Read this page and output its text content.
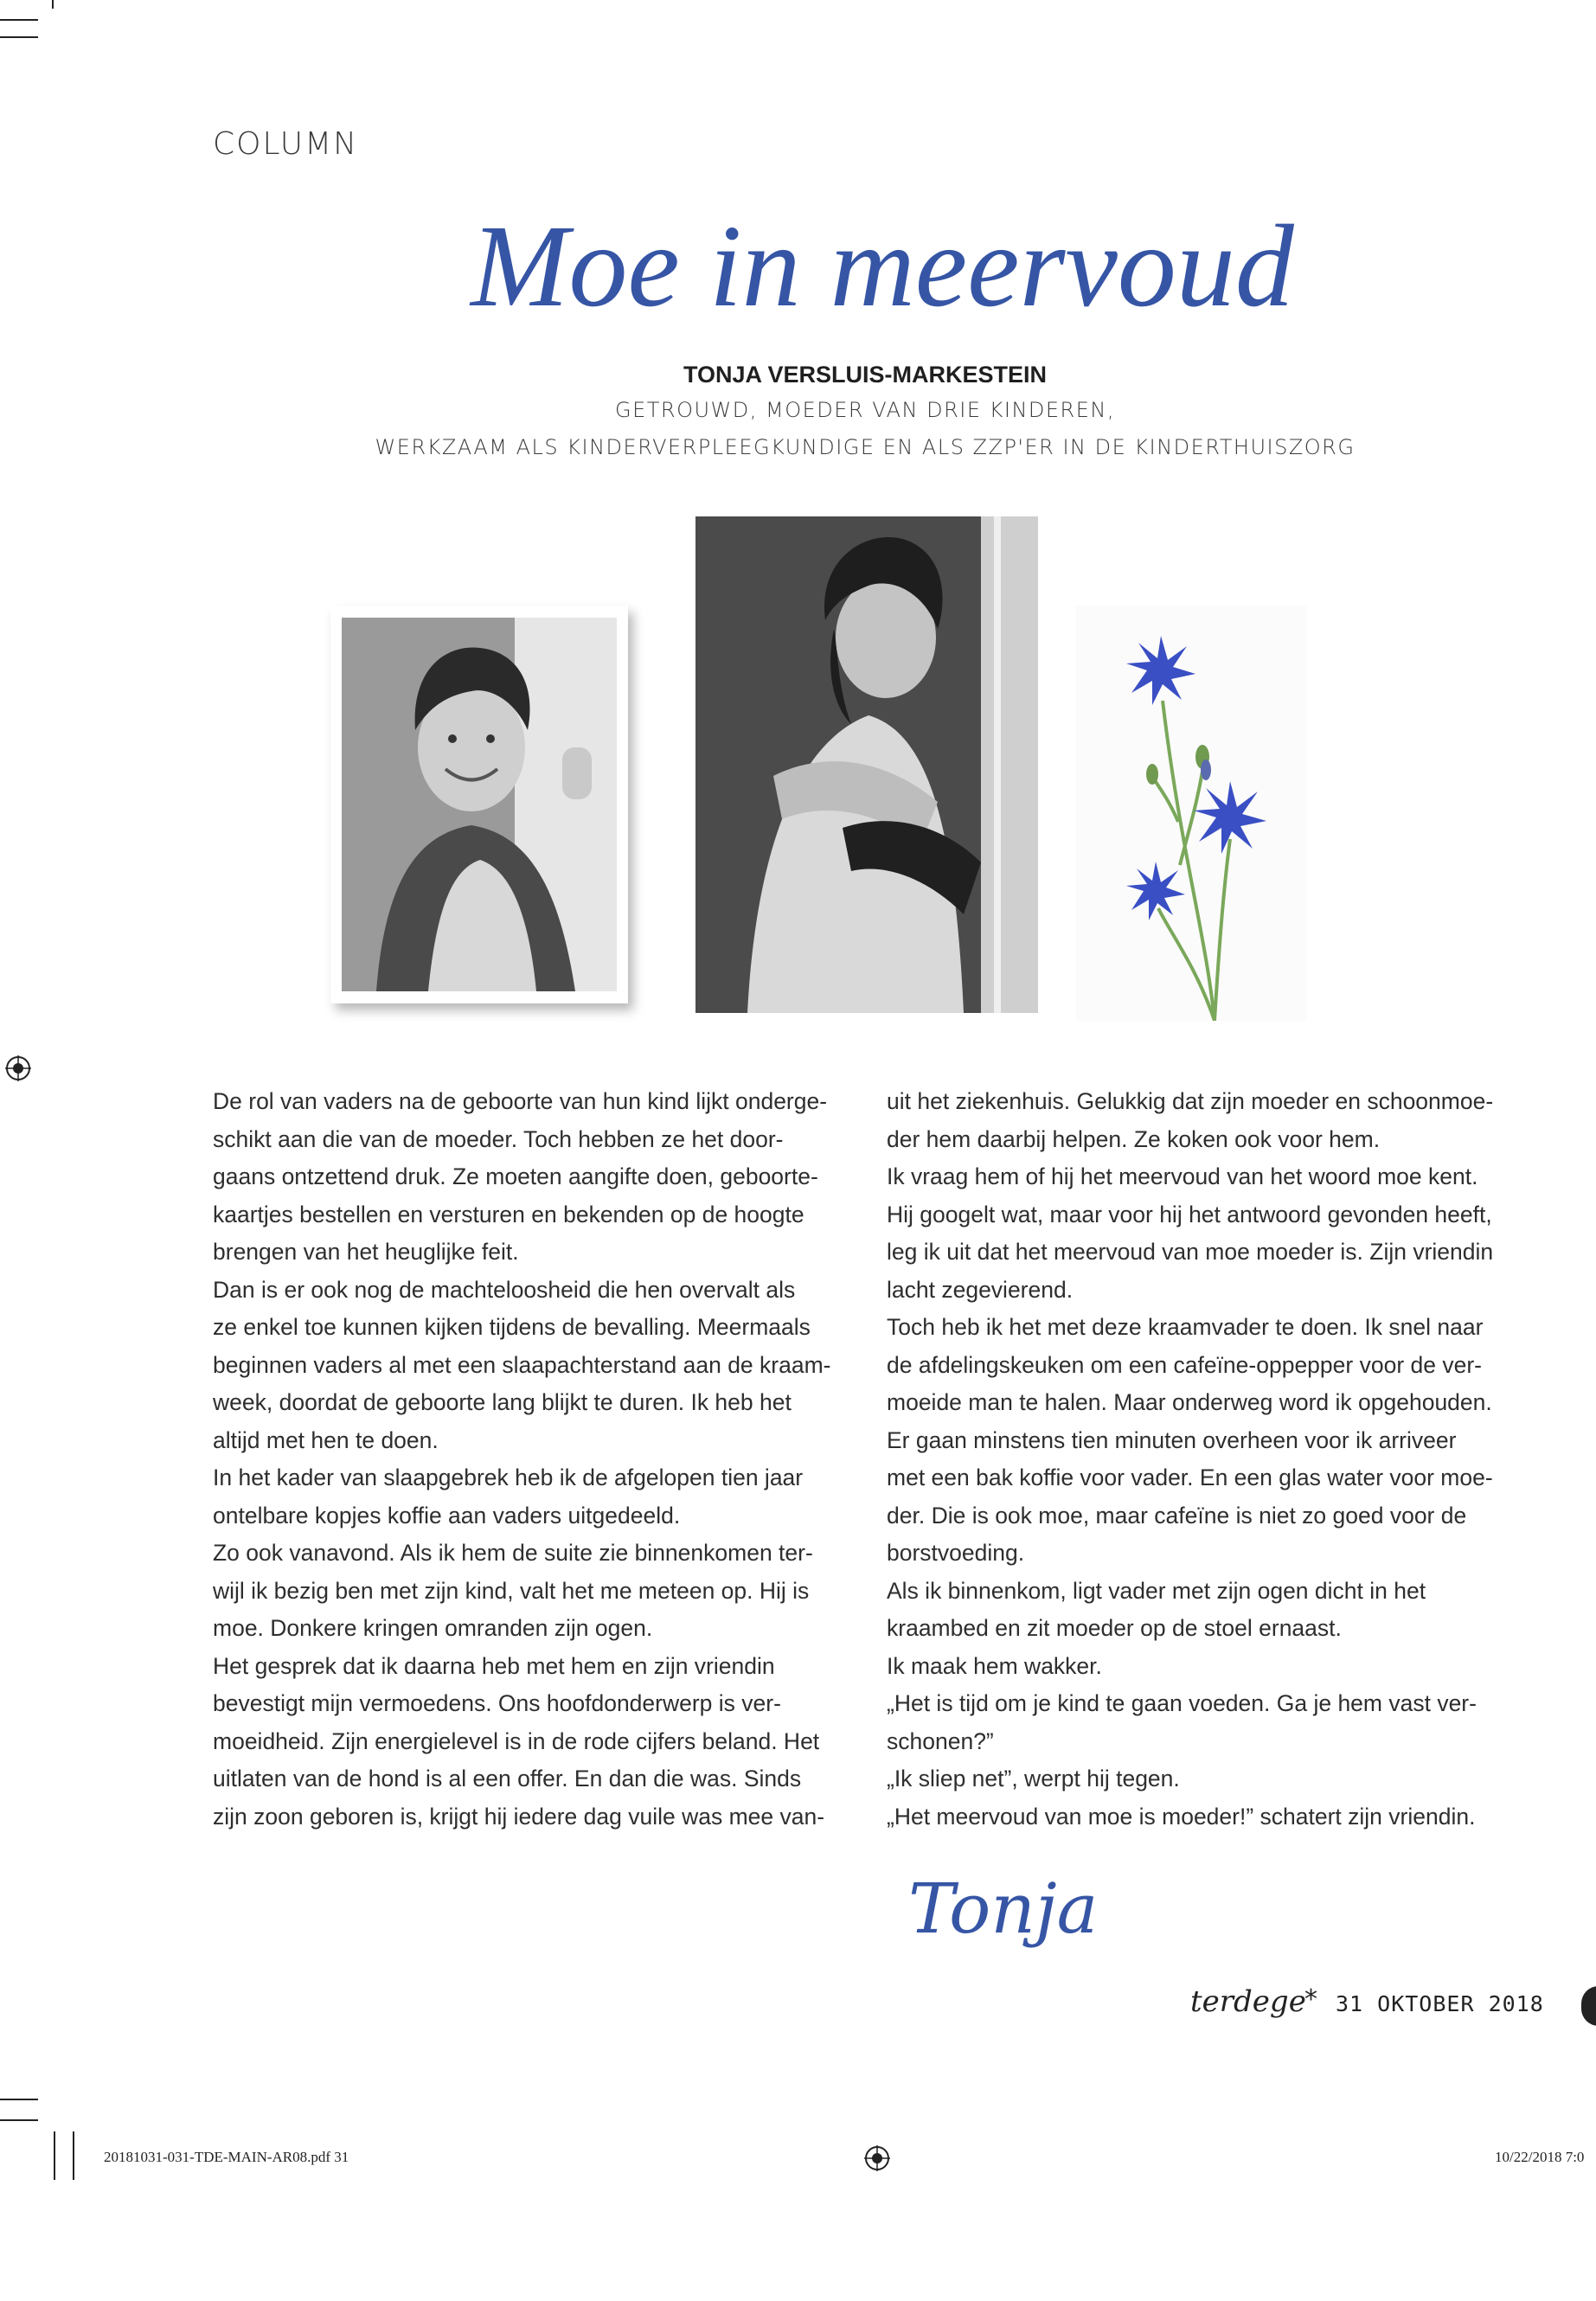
COLUMN
Moe in meervoud
TONJA VERSLUIS-MARKESTEIN
GETROUWD, MOEDER VAN DRIE KINDEREN,
WERKZAAM ALS KINDERVERPLEEGKUNDIGE EN ALS ZZP'ER IN DE KINDERTHUISZORG

De rol van vaders na de geboorte van hun kind lijkt onderge-

schikt aan die van de moeder. Toch hebben ze het door-

gaans ontzettend druk. Ze moeten aangifte doen, geboorte-

kaartjes bestellen en versturen en bekenden op de hoogte

brengen van het heuglijke feit.

Dan is er ook nog de machteloosheid die hen overvalt als

ze enkel toe kunnen kijken tijdens de bevalling. Meermaals

beginnen vaders al met een slaapachterstand aan de kraam-

week, doordat de geboorte lang blijkt te duren. Ik heb het

altijd met hen te doen.

In het kader van slaapgebrek heb ik de afgelopen tien jaar

ontelbare kopjes koffie aan vaders uitgedeeld.

Zo ook vanavond. Als ik hem de suite zie binnenkomen ter-

wijl ik bezig ben met zijn kind, valt het me meteen op. Hij is

moe. Donkere kringen omranden zijn ogen.

Het gesprek dat ik daarna heb met hem en zijn vriendin

bevestigt mijn vermoedens. Ons hoofdonderwerp is ver-

moeidheid. Zijn energielevel is in de rode cijfers beland. Het

uitlaten van de hond is al een offer. En dan die was. Sinds

zijn zoon geboren is, krijgt hij iedere dag vuile was mee van-

uit het ziekenhuis. Gelukkig dat zijn moeder en schoonmoe-

der hem daarbij helpen. Ze koken ook voor hem.

Ik vraag hem of hij het meervoud van het woord moe kent.

Hij googelt wat, maar voor hij het antwoord gevonden heeft,

leg ik uit dat het meervoud van moe moeder is. Zijn vriendin

lacht zegevierend.

Toch heb ik het met deze kraamvader te doen. Ik snel naar

de afdelingskeuken om een cafeïne-oppepper voor de ver-

moeide man te halen. Maar onderweg word ik opgehouden.

Er gaan minstens tien minuten overheen voor ik arriveer

met een bak koffie voor vader. En een glas water voor moe-

der. Die is ook moe, maar cafeïne is niet zo goed voor de

borstvoeding.

Als ik binnenkom, ligt vader met zijn ogen dicht in het

kraambed en zit moeder op de stoel ernaast.

Ik maak hem wakker.

„Het is tijd om je kind te gaan voeden. Ga je hem vast ver-

schonen?”

„Ik sliep net”, werpt hij tegen.

„Het meervoud van moe is moeder!” schatert zijn vriendin.

Tonja
terdege
* 31 OKTOBER 2018
20181031-031-TDE-MAIN-AR08.pdf 31	10/22/2018 7:0
